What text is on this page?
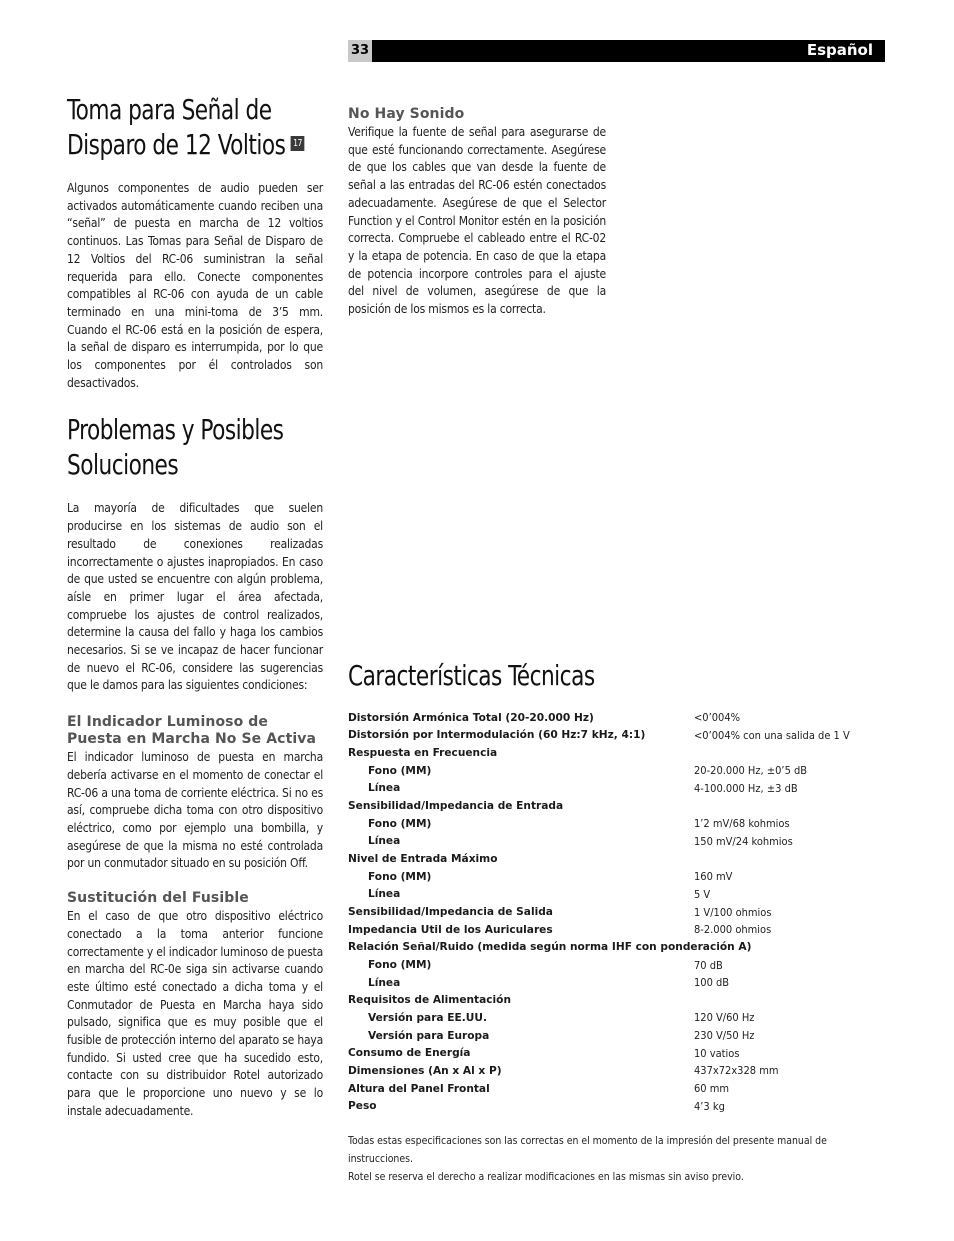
33	Español
Toma para Señal de
Disparo de 12 Voltios 17

Algunos componentes de audio pueden ser activados automáticamente cuando reciben una “señal” de puesta en marcha de 12 voltios continuos. Las Tomas para Señal de Disparo de 12 Voltios del RC-06 suministran la señal requerida para ello. Conecte componentes compatibles al RC-06 con ayuda de un cable terminado en una mini-toma de 3’5 mm. Cuando el RC-06 está en la posición de espera, la señal de disparo es interrumpida, por lo que los componentes por él controlados son desactivados.

Problemas y Posibles
Soluciones

La mayoría de dificultades que suelen producirse en los sistemas de audio son el resultado de conexiones realizadas incorrectamente o ajustes inapropiados. En caso de que usted se encuentre con algún problema, aísle en primer lugar el área afectada, compruebe los ajustes de control realizados, determine la causa del fallo y haga los cambios necesarios. Si se ve incapaz de hacer funcionar de nuevo el RC-06, considere las sugerencias que le damos para las siguientes condiciones:

El Indicador Luminoso de Puesta en Marcha No Se Activa

El indicador luminoso de puesta en marcha debería activarse en el momento de conectar el RC-06 a una toma de corriente eléctrica. Si no es así, compruebe dicha toma con otro dispositivo eléctrico, como por ejemplo una bombilla, y asegúrese de que la misma no esté controlada por un conmutador situado en su posición Off.

Sustitución del Fusible

En el caso de que otro dispositivo eléctrico conectado a la toma anterior funcione correctamente y el indicador luminoso de puesta en marcha del RC-0e siga sin activarse cuando este último esté conectado a dicha toma y el Conmutador de Puesta en Marcha haya sido pulsado, significa que es muy posible que el fusible de protección interno del aparato se haya fundido. Si usted cree que ha sucedido esto, contacte con su distribuidor Rotel autorizado para que le proporcione uno nuevo y se lo instale adecuadamente.

No Hay Sonido

Verifique la fuente de señal para asegurarse de que esté funcionando correctamente. Asegúrese de que los cables que van desde la fuente de señal a las entradas del RC-06 estén conectados adecuadamente. Asegúrese de que el Selector Function y el Control Monitor estén en la posición correcta. Compruebe el cableado entre el RC-02 y la etapa de potencia. En caso de que la etapa de potencia incorpore controles para el ajuste del nivel de volumen, asegúrese de que la posición de los mismos es la correcta.

Características Técnicas
Distorsión Armónica Total (20-20.000 Hz)	<0’004%
Distorsión por Intermodulación (60 Hz:7 kHz, 4:1)	<0’004% con una salida de 1 V
Respuesta en Frecuencia
Fono (MM)	20-20.000 Hz, ±0’5 dB
Línea	4-100.000 Hz, ±3 dB
Sensibilidad/Impedancia de Entrada
Fono (MM)	1’2 mV/68 kohmios
Línea	150 mV/24 kohmios
Nivel de Entrada Máximo
Fono (MM)	160 mV
Línea	5 V
Sensibilidad/Impedancia de Salida	1 V/100 ohmios
Impedancia Util de los Auriculares	8-2.000 ohmios
Relación Señal/Ruido (medida según norma IHF con ponderación A)
Fono (MM)	70 dB
Línea	100 dB
Requisitos de Alimentación
Versión para EE.UU.	120 V/60 Hz
Versión para Europa	230 V/50 Hz
Consumo de Energía	10 vatios
Dimensiones (An x Al x P)	437x72x328 mm
Altura del Panel Frontal	60 mm
Peso	4’3 kg
Todas estas especificaciones son las correctas en el momento de la impresión del presente manual de instrucciones.
Rotel se reserva el derecho a realizar modificaciones en las mismas sin aviso previo.
